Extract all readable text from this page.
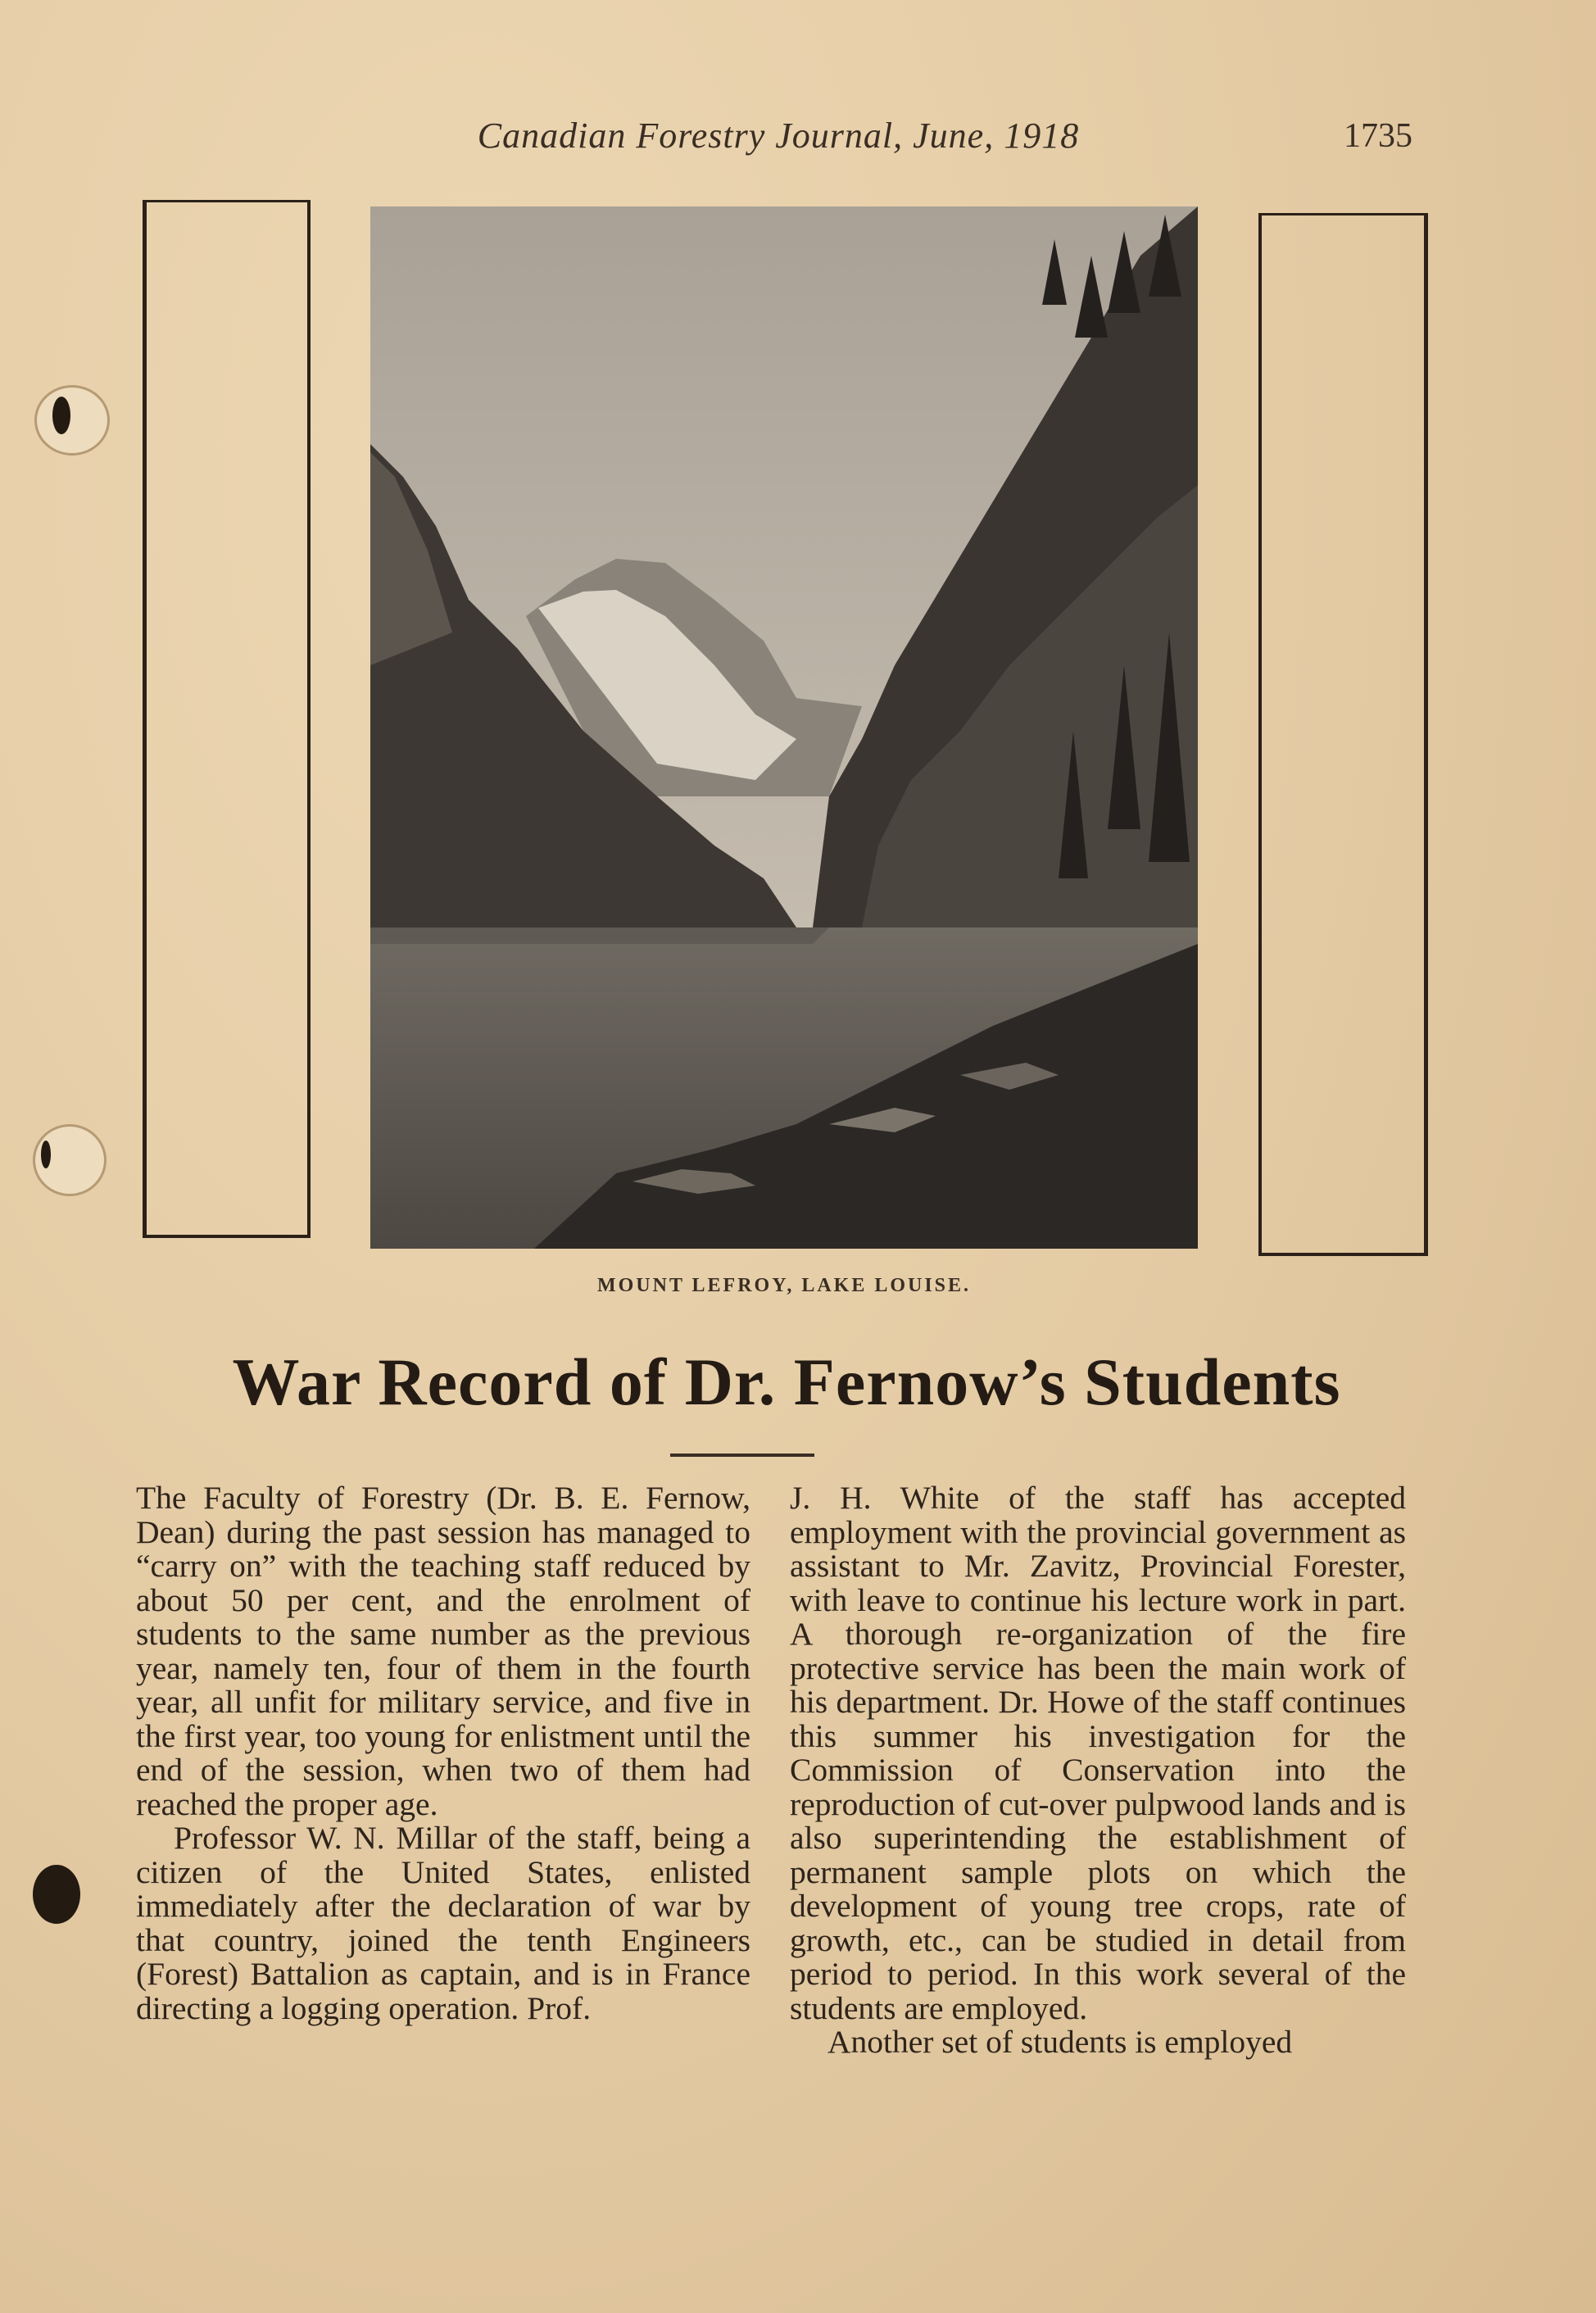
Canadian Forestry Journal, June, 1918	1735
MOUNT LEFROY, LAKE LOUISE.
War Record of Dr. Fernow’s Students

The Faculty of Forestry (Dr. B. E. Fernow, Dean) during the past session has managed to “carry on” with the teaching staff reduced by about 50 per cent, and the enrolment of students to the same number as the previous year, namely ten, four of them in the fourth year, all unfit for military service, and five in the first year, too young for enlistment until the end of the session, when two of them had reached the proper age.

Professor W. N. Millar of the staff, being a citizen of the United States, enlisted immediately after the declaration of war by that country, joined the tenth Engineers (Forest) Battalion as captain, and is in France directing a logging operation. Prof.

J. H. White of the staff has accepted employment with the provincial government as assistant to Mr. Zavitz, Provincial Forester, with leave to continue his lecture work in part. A thorough re-organization of the fire protective service has been the main work of his department. Dr. Howe of the staff continues this summer his investigation for the Commission of Conservation into the reproduction of cut-over pulpwood lands and is also superintending the establishment of permanent sample plots on which the development of young tree crops, rate of growth, etc., can be studied in detail from period to period. In this work several of the students are employed.

Another set of students is employed
